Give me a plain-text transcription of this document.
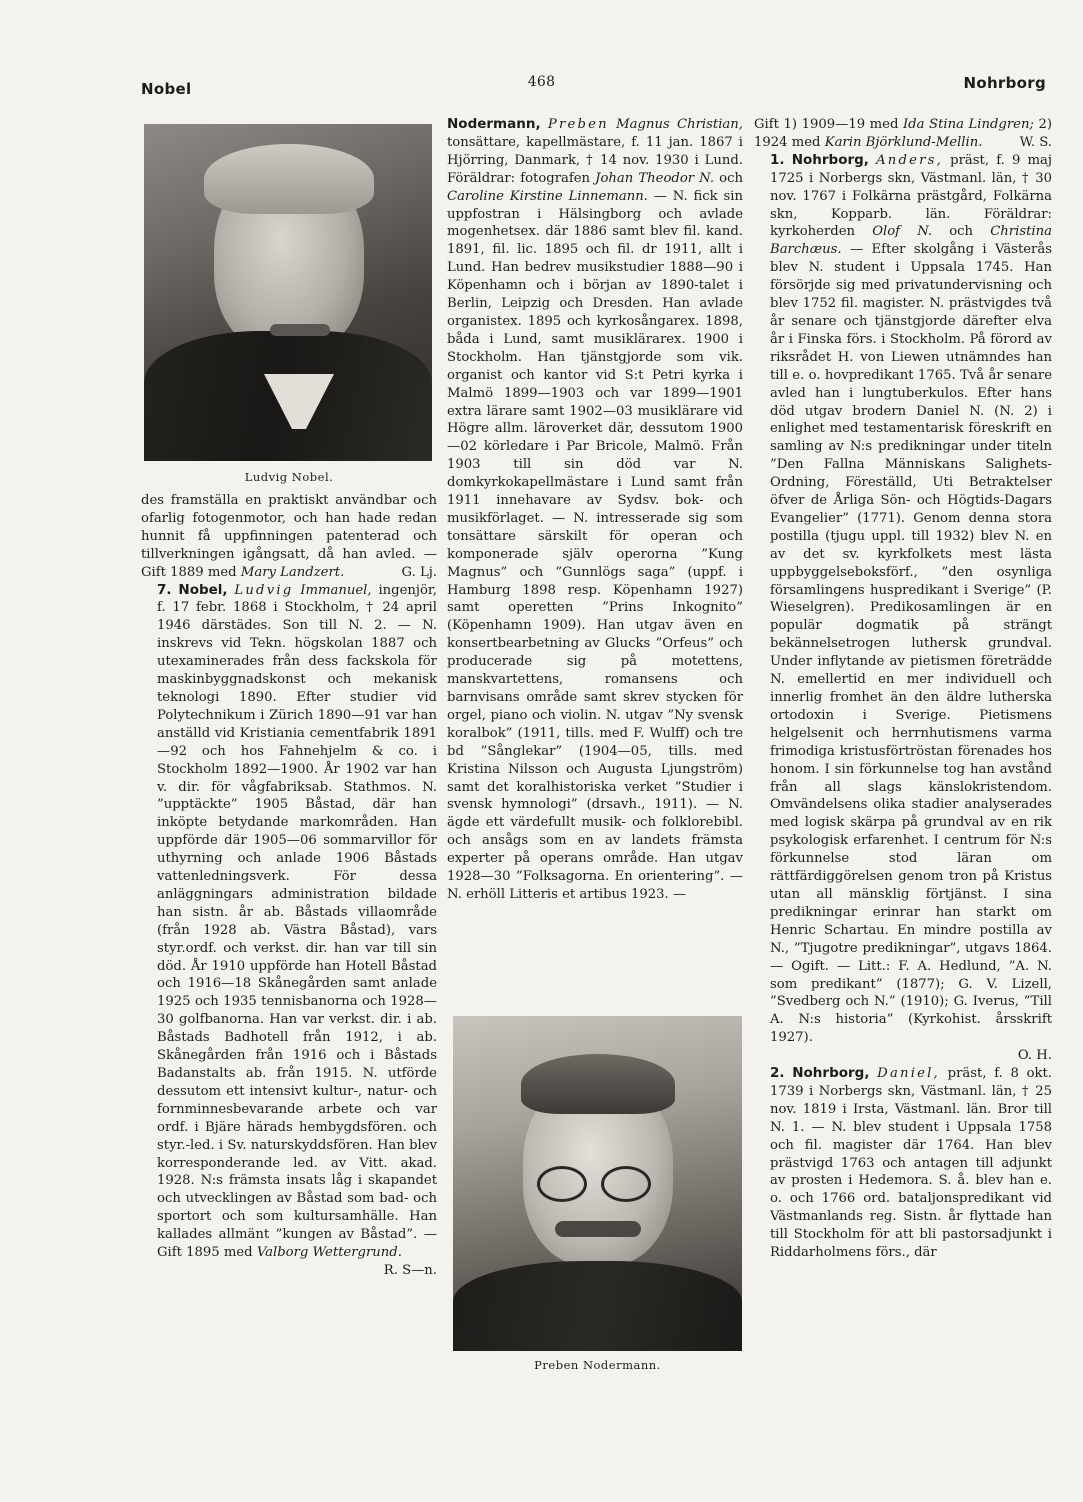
Nobel	468	Nohrborg
Ludvig Nobel.
Preben Nodermann.

des framställa en praktiskt användbar och ofarlig fotogenmotor, och han hade redan hunnit få uppfinningen patenterad och tillverkningen igångsatt, då han avled. — Gift 1889 med Mary Landzert.	G. Lj.

7. Nobel, Ludvig Immanuel, ingenjör, f. 17 febr. 1868 i Stockholm, † 24 april 1946 därstädes. Son till N. 2. — N. inskrevs vid Tekn. högskolan 1887 och utexaminerades från dess fackskola för maskinbyggnadskonst och mekanisk teknologi 1890. Efter studier vid Polytechnikum i Zürich 1890—91 var han anställd vid Kristiania cementfabrik 1891—92 och hos Fahnehjelm & co. i Stockholm 1892—1900. År 1902 var han v. dir. för vågfabriksab. Stathmos. N. ”upptäckte” 1905 Båstad, där han inköpte betydande markområden. Han uppförde där 1905—06 sommarvillor för uthyrning och anlade 1906 Båstads vattenledningsverk. För dessa anläggningars administration bildade han sistn. år ab. Båstads villaområde (från 1928 ab. Västra Båstad), vars styr.ordf. och verkst. dir. han var till sin död. År 1910 uppförde han Hotell Båstad och 1916—18 Skånegården samt anlade 1925 och 1935 tennisbanorna och 1928—30 golfbanorna. Han var verkst. dir. i ab. Båstads Badhotell från 1912, i ab. Skånegården från 1916 och i Båstads Badanstalts ab. från 1915. N. utförde dessutom ett intensivt kultur-, natur- och fornminnesbevarande arbete och var ordf. i Bjäre härads hembygdsfören. och styr.-led. i Sv. naturskyddsfören. Han blev korresponderande led. av Vitt. akad. 1928. N:s främsta insats låg i skapandet och utvecklingen av Båstad som bad- och sportort och som kultursamhälle. Han kallades allmänt ”kungen av Båstad”. — Gift 1895 med Valborg Wettergrund.

R. S—n.

Nodermann, Preben Magnus Christian, tonsättare, kapellmästare, f. 11 jan. 1867 i Hjörring, Danmark, † 14 nov. 1930 i Lund. Föräldrar: fotografen Johan Theodor N. och Caroline Kirstine Linnemann. — N. fick sin uppfostran i Hälsingborg och avlade mogenhetsex. där 1886 samt blev fil. kand. 1891, fil. lic. 1895 och fil. dr 1911, allt i Lund. Han bedrev musikstudier 1888—90 i Köpenhamn och i början av 1890-talet i Berlin, Leipzig och Dresden. Han avlade organistex. 1895 och kyrkosångarex. 1898, båda i Lund, samt musiklärarex. 1900 i Stockholm. Han tjänstgjorde som vik. organist och kantor vid S:t Petri kyrka i Malmö 1899—1903 och var 1899—1901 extra lärare samt 1902—03 musiklärare vid Högre allm. läroverket där, dessutom 1900—02 körledare i Par Bricole, Malmö. Från 1903 till sin död var N. domkyrkokapellmästare i Lund samt från 1911 innehavare av Sydsv. bok- och musikförlaget. — N. intresserade sig som tonsättare särskilt för operan och komponerade själv operorna ”Kung Magnus” och ”Gunnlögs saga” (uppf. i Hamburg 1898 resp. Köpenhamn 1927) samt operetten ”Prins Inkognito” (Köpenhamn 1909). Han utgav även en konsertbearbetning av Glucks ”Orfeus” och producerade sig på motettens, manskvartettens, romansens och barnvisans område samt skrev stycken för orgel, piano och violin. N. utgav ”Ny svensk koralbok” (1911, tills. med F. Wulff) och tre bd ”Sånglekar” (1904—05, tills. med Kristina Nilsson och Augusta Ljungström) samt det koralhistoriska verket ”Studier i svensk hymnologi” (drsavh., 1911). — N. ägde ett värdefullt musik- och folklorebibl. och ansågs som en av landets främsta experter på operans område. Han utgav 1928—30 ”Folksagorna. En orientering”. — N. erhöll Litteris et artibus 1923. —

Gift 1) 1909—19 med Ida Stina Lindgren; 2) 1924 med Karin Björklund-Mellin.	W. S.

1. Nohrborg, Anders, präst, f. 9 maj 1725 i Norbergs skn, Västmanl. län, † 30 nov. 1767 i Folkärna prästgård, Folkärna skn, Kopparb. län. Föräldrar: kyrkoherden Olof N. och Christina Barchæus. — Efter skolgång i Västerås blev N. student i Uppsala 1745. Han försörjde sig med privatundervisning och blev 1752 fil. magister. N. prästvigdes två år senare och tjänstgjorde därefter elva år i Finska förs. i Stockholm. På förord av riksrådet H. von Liewen utnämndes han till e. o. hovpredikant 1765. Två år senare avled han i lungtuberkulos. Efter hans död utgav brodern Daniel N. (N. 2) i enlighet med testamentarisk föreskrift en samling av N:s predikningar under titeln ”Den Fallna Människans Salighets-Ordning, Föreställd, Uti Betraktelser öfver de Årliga Sön- och Högtids-Dagars Evangelier” (1771). Genom denna stora postilla (tjugu uppl. till 1932) blev N. en av det sv. kyrkfolkets mest lästa uppbyggelseboksförf., ”den osynliga församlingens huspredikant i Sverige” (P. Wieselgren). Predikosamlingen är en populär dogmatik på strängt bekännelsetrogen luthersk grundval. Under inflytande av pietismen företrädde N. emellertid en mer individuell och innerlig fromhet än den äldre lutherska ortodoxin i Sverige. Pietismens helgelsenit och herrnhutismens varma frimodiga kristusförtröstan förenades hos honom. I sin förkunnelse tog han avstånd från all slags känslokristendom. Omvändelsens olika stadier analyserades med logisk skärpa på grundval av en rik psykologisk erfarenhet. I centrum för N:s förkunnelse stod läran om rättfärdiggörelsen genom tron på Kristus utan all mänsklig förtjänst. I sina predikningar erinrar han starkt om Henric Schartau. En mindre postilla av N., ”Tjugotre predikningar”, utgavs 1864. — Ogift. — Litt.: F. A. Hedlund, ”A. N. som predikant” (1877); G. V. Lizell, ”Svedberg och N.” (1910); G. Iverus, ”Till A. N:s historia” (Kyrkohist. årsskrift 1927).

O. H.

2. Nohrborg, Daniel, präst, f. 8 okt. 1739 i Norbergs skn, Västmanl. län, † 25 nov. 1819 i Irsta, Västmanl. län. Bror till N. 1. — N. blev student i Uppsala 1758 och fil. magister där 1764. Han blev prästvigd 1763 och antagen till adjunkt av prosten i Hedemora. S. å. blev han e. o. och 1766 ord. bataljonspredikant vid Västmanlands reg. Sistn. år flyttade han till Stockholm för att bli pastorsadjunkt i Riddarholmens förs., där
